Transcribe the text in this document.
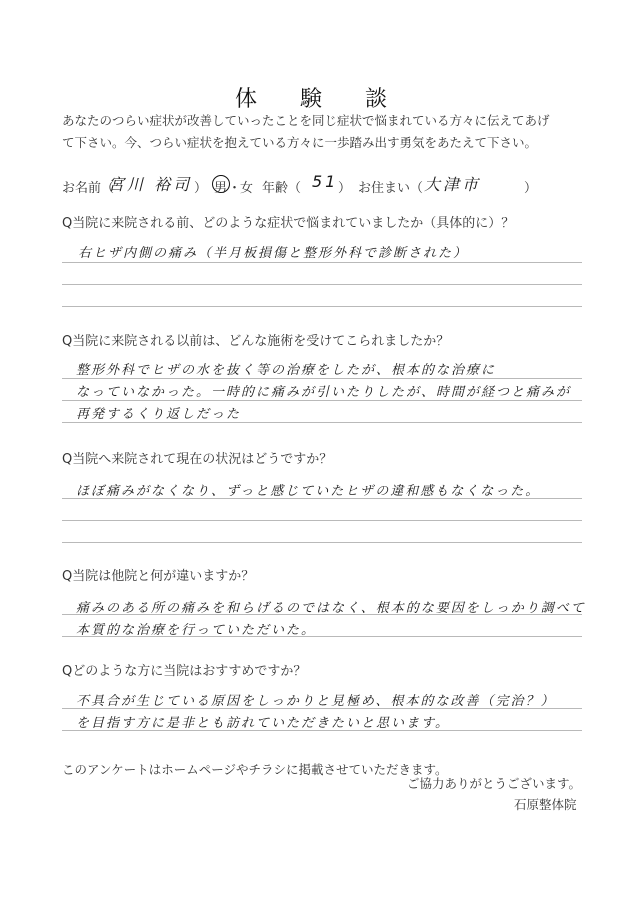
体 験 談
あなたのつらい症状が改善していったことを同じ症状で悩まれている方々に伝えてあげ
て下さい。今、つらい症状を抱えている方々に一歩踏み出す勇気をあたえて下さい。
お名前（
宮川 裕司 ） 男 ・
女 年齢（ 51 ） お住まい（ 大津市	）
Q当院に来院される前、どのような症状で悩まれていましたか（具体的に）？
右ヒザ内側の痛み（半月板損傷と整形外科で診断された）
Q当院に来院される以前は、どんな施術を受けてこられましたか？
整形外科でヒザの水を抜く等の治療をしたが、根本的な治療に
なっていなかった。一時的に痛みが引いたりしたが、時間が経つと痛みが
再発するくり返しだった
Q当院へ来院されて現在の状況はどうですか？
ほぼ痛みがなくなり、ずっと感じていたヒザの違和感もなくなった。
Q当院は他院と何が違いますか？
痛みのある所の痛みを和らげるのではなく、根本的な要因をしっかり調べて
本質的な治療を行っていただいた。
Qどのような方に当院はおすすめですか？
不具合が生じている原因をしっかりと見極め、根本的な改善（完治？）
を目指す方に是非とも訪れていただきたいと思います。
このアンケートはホームページやチラシに掲載させていただきます。
ご協力ありがとうございます。
石原整体院
